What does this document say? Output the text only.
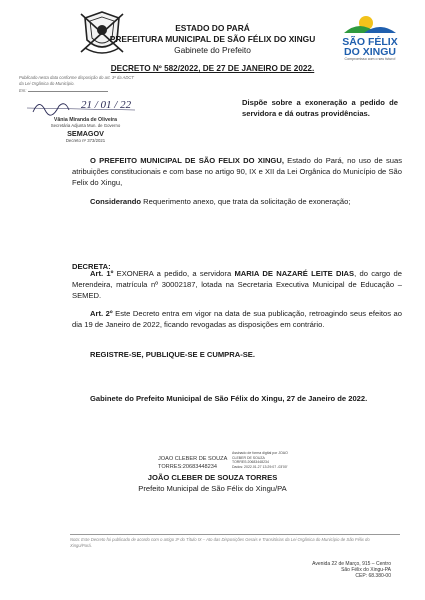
ESTADO DO PARÁ
PREFEITURA MUNICIPAL DE SÃO FÉLIX DO XINGU
Gabinete do Prefeito
SÃO FÉLIX
DO XINGU
Compromisso com o seu futuro!
DECRETO Nº 582/2022, DE 27 DE JANEIRO DE 2022.
Publicado nesta data conforme disposição do art. 3º da ADCT da Lei Orgânica do Município.
Em:
21 / 01 / 22
Vânia Miranda de Oliveira
Secretária Adjunta Mun. de Governo
SEMAGOV
Decreto nº 373/2021
Dispõe sobre a exoneração a pedido de servidora e dá outras providências.
O PREFEITO MUNICIPAL DE SÃO FELIX DO XINGU, Estado do Pará, no uso de suas atribuições constitucionais e com base no artigo 90, IX e XII da Lei Orgânica do Município de São Felix do Xingu,
Considerando Requerimento anexo, que trata da solicitação de exoneração;
DECRETA:
Art. 1º EXONERA a pedido, a servidora MARIA DE NAZARÉ LEITE DIAS, do cargo de Merendeira, matrícula nº 30002187, lotada na Secretaria Executiva Municipal de Educação – SEMED.
Art. 2º Este Decreto entra em vigor na data de sua publicação, retroagindo seus efeitos ao dia 19 de Janeiro de 2022, ficando revogadas as disposições em contrário.
REGISTRE-SE, PUBLIQUE-SE E CUMPRA-SE.
Gabinete do Prefeito Municipal de São Félix do Xingu, 27 de Janeiro de 2022.
JOAO CLEBER DE SOUZA
TORRES:20683448234
Assinado de forma digital por JOAO
CLEBER DE SOUZA
TORRES:20683448234
Dados: 2022.01.27 13:29:07 -03'00'
JOÃO CLEBER DE SOUZA TORRES
Prefeito Municipal de São Félix do Xingu/PA
Nota: Este Decreto foi publicado de acordo com o artigo 3º do Título IX – Ato das Disposições Gerais e Transitórias da Lei Orgânica do Município de São Félix do Xingu/Pará.
Avenida 22 de Março, 915 – Centro
São Félix do Xingu-PA
CEP: 68.380-00
